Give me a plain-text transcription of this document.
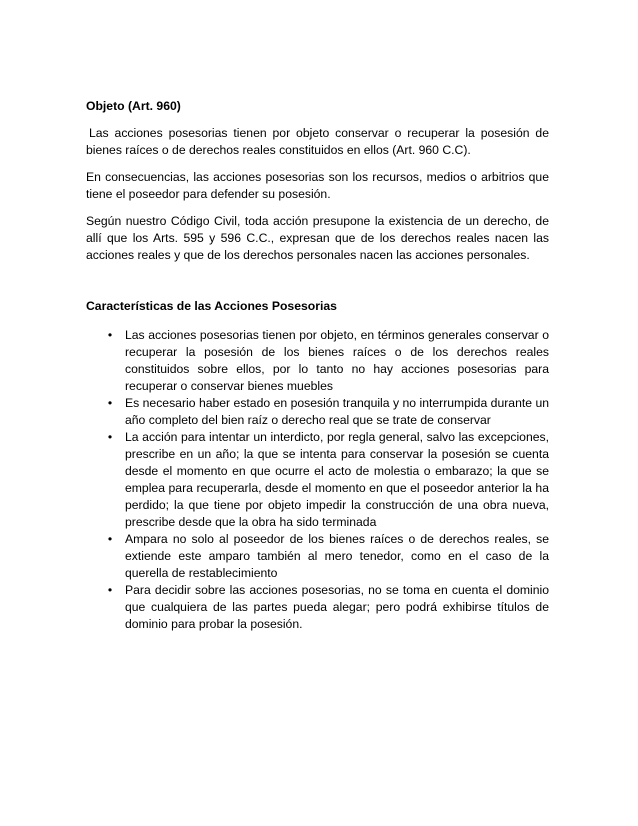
Objeto (Art. 960)

Las acciones posesorias tienen por objeto conservar o recuperar la posesión de bienes raíces o de derechos reales constituidos en ellos (Art. 960 C.C).

En consecuencias, las acciones posesorias son los recursos, medios o arbitrios que tiene el poseedor para defender su posesión.

Según nuestro Código Civil, toda acción presupone la existencia de un derecho, de allí que los Arts. 595 y 596 C.C., expresan que de los derechos reales nacen las acciones reales y que de los derechos personales nacen las acciones personales.

Características de las Acciones Posesorias
• Las acciones posesorias tienen por objeto, en términos generales conservar o recuperar la posesión de los bienes raíces o de los derechos reales constituidos sobre ellos, por lo tanto no hay acciones posesorias para recuperar o conservar bienes muebles
• Es necesario haber estado en posesión tranquila y no interrumpida durante un año completo del bien raíz o derecho real que se trate de conservar
• La acción para intentar un interdicto, por regla general, salvo las excepciones, prescribe en un año; la que se intenta para conservar la posesión se cuenta desde el momento en que ocurre el acto de molestia o embarazo; la que se emplea para recuperarla, desde el momento en que el poseedor anterior la ha perdido; la que tiene por objeto impedir la construcción de una obra nueva, prescribe desde que la obra ha sido terminada
• Ampara no solo al poseedor de los bienes raíces o de derechos reales, se extiende este amparo también al mero tenedor, como en el caso de la querella de restablecimiento
• Para decidir sobre las acciones posesorias, no se toma en cuenta el dominio que cualquiera de las partes pueda alegar; pero podrá exhibirse títulos de dominio para probar la posesión.
